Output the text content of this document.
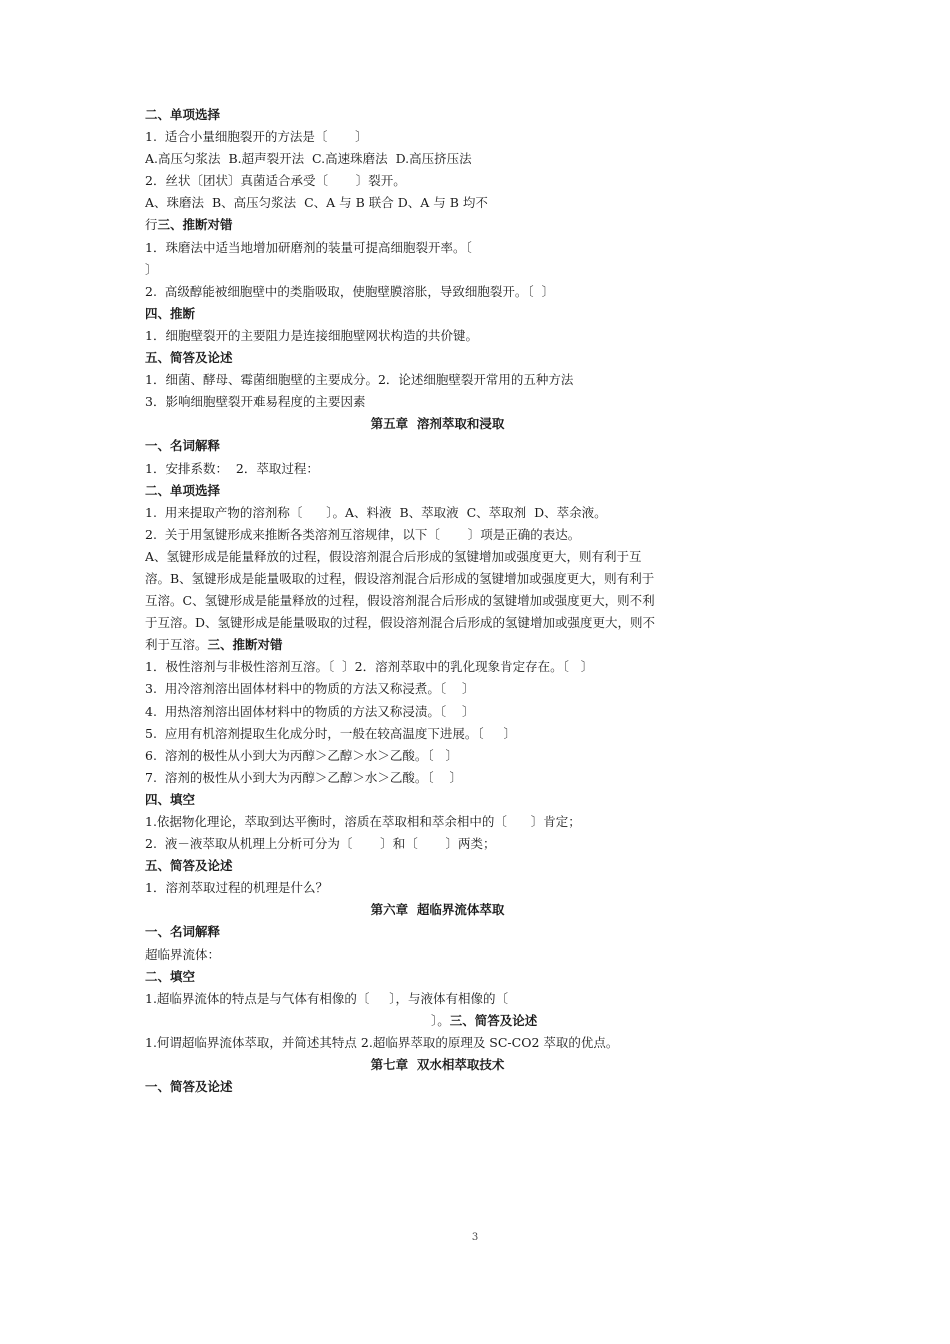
二、单项选择
1.  适合小量细胞裂开的方法是〔       〕
A.高压匀浆法  B.超声裂开法  C.高速珠磨法  D.高压挤压法
2．丝状〔团状〕真菌适合承受〔       〕裂开。
A、珠磨法  B、高压匀浆法  C、A 与 B 联合 D、A 与 B 均不
行三、推断对错
1．珠磨法中适当地增加研磨剂的装量可提高细胞裂开率。〔
〕
2.  高级醇能被细胞壁中的类脂吸取，使胞壁膜溶胀，导致细胞裂开。〔  〕
四、推断
1．细胞壁裂开的主要阻力是连接细胞壁网状构造的共价键。
五、简答及论述
1．细菌、酵母、霉菌细胞壁的主要成分。2．论述细胞壁裂开常用的五种方法
3．影响细胞壁裂开难易程度的主要因素
第五章  溶剂萃取和浸取
一、名词解释
1．安排系数：  2．萃取过程：
二、单项选择
1.  用来提取产物的溶剂称〔      〕。A、料液  B、萃取液  C、萃取剂  D、萃余液。
2.  关于用氢键形成来推断各类溶剂互溶规律，以下〔       〕项是正确的表达。
A、氢键形成是能量释放的过程，假设溶剂混合后形成的氢键增加或强度更大，则有利于互
溶。B、氢键形成是能量吸取的过程，假设溶剂混合后形成的氢键增加或强度更大，则有利于
互溶。C、氢键形成是能量释放的过程，假设溶剂混合后形成的氢键增加或强度更大，则不利
于互溶。D、氢键形成是能量吸取的过程，假设溶剂混合后形成的氢键增加或强度更大，则不
利于互溶。三、推断对错
1．极性溶剂与非极性溶剂互溶。〔  〕2．溶剂萃取中的乳化现象肯定存在。〔   〕
3.  用冷溶剂溶出固体材料中的物质的方法又称浸煮。〔    〕
4.  用热溶剂溶出固体材料中的物质的方法又称浸渍。〔    〕
5.  应用有机溶剂提取生化成分时，一般在较高温度下进展。〔     〕
6.  溶剂的极性从小到大为丙醇＞乙醇＞水＞乙酸。〔   〕
7.  溶剂的极性从小到大为丙醇＞乙醇＞水＞乙酸。〔    〕
四、填空
1.依据物化理论，萃取到达平衡时，溶质在萃取相和萃余相中的〔      〕肯定；
2.  液－液萃取从机理上分析可分为〔       〕和〔       〕两类；
五、简答及论述
1．溶剂萃取过程的机理是什么？
第六章  超临界流体萃取
一、名词解释
超临界流体：
二、填空
1.超临界流体的特点是与气体有相像的〔     〕，与液体有相像的〔
〕。三、简答及论述
1.何谓超临界流体萃取，并简述其特点 2.超临界萃取的原理及 SC-CO2 萃取的优点。
第七章  双水相萃取技术
一、简答及论述
3
